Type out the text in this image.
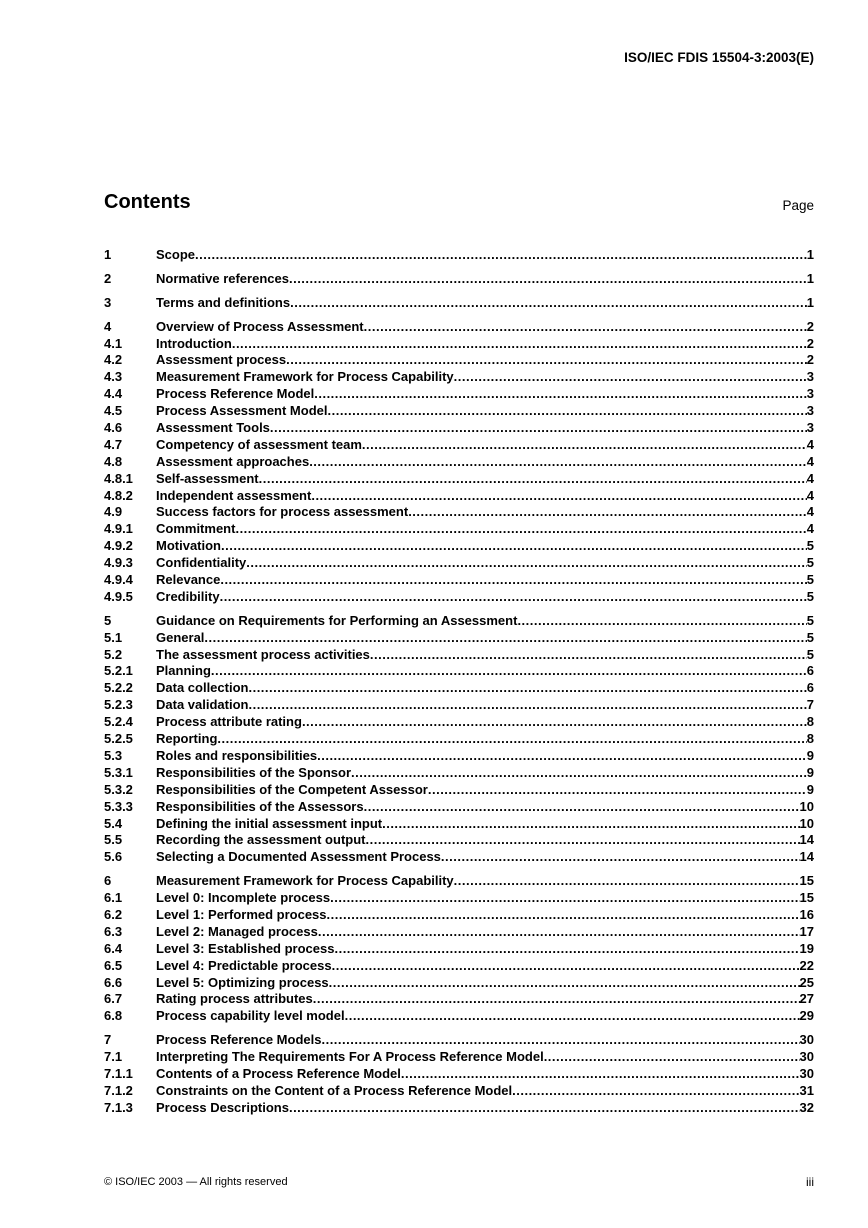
ISO/IEC FDIS 15504-3:2003(E)
Contents	Page
1	Scope .....	1
2	Normative references .....	1
3	Terms and definitions .....	1
4	Overview of Process Assessment .....	2
4.1	Introduction .....	2
4.2	Assessment process .....	2
4.3	Measurement Framework for Process Capability .....	3
4.4	Process Reference Model .....	3
4.5	Process Assessment Model .....	3
4.6	Assessment Tools .....	3
4.7	Competency of assessment team .....	4
4.8	Assessment approaches .....	4
4.8.1	Self-assessment .....	4
4.8.2	Independent assessment .....	4
4.9	Success factors for process assessment .....	4
4.9.1	Commitment .....	4
4.9.2	Motivation .....	5
4.9.3	Confidentiality .....	5
4.9.4	Relevance .....	5
4.9.5	Credibility .....	5
5	Guidance on Requirements for Performing an Assessment .....	5
5.1	General .....	5
5.2	The assessment process activities .....	5
5.2.1	Planning .....	6
5.2.2	Data collection .....	6
5.2.3	Data validation .....	7
5.2.4	Process attribute rating .....	8
5.2.5	Reporting .....	8
5.3	Roles and responsibilities .....	9
5.3.1	Responsibilities of the Sponsor .....	9
5.3.2	Responsibilities of the Competent Assessor .....	9
5.3.3	Responsibilities of the Assessors .....	10
5.4	Defining the initial assessment input .....	10
5.5	Recording the assessment output .....	14
5.6	Selecting a Documented Assessment Process .....	14
6	Measurement Framework for Process Capability .....	15
6.1	Level 0: Incomplete process .....	15
6.2	Level 1: Performed process .....	16
6.3	Level 2: Managed process .....	17
6.4	Level 3: Established process .....	19
6.5	Level 4: Predictable process .....	22
6.6	Level 5: Optimizing process .....	25
6.7	Rating process attributes .....	27
6.8	Process capability level model .....	29
7	Process Reference Models .....	30
7.1	Interpreting The Requirements For A Process Reference Model .....	30
7.1.1	Contents of a Process Reference Model .....	30
7.1.2	Constraints on the Content of a Process Reference Model .....	31
7.1.3	Process Descriptions .....	32
© ISO/IEC 2003 — All rights reserved	iii
